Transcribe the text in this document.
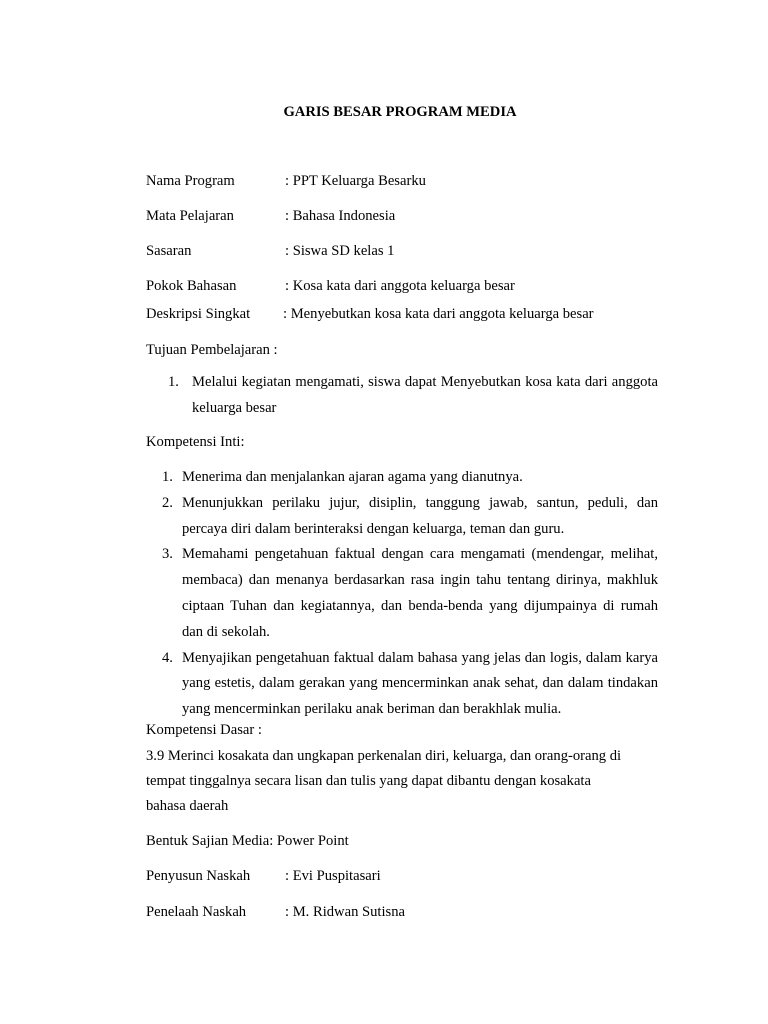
GARIS BESAR PROGRAM MEDIA
Nama Program	: PPT Keluarga Besarku
Mata Pelajaran	: Bahasa Indonesia
Sasaran	: Siswa SD kelas 1
Pokok Bahasan	: Kosa kata dari anggota keluarga besar
Deskripsi Singkat : Menyebutkan kosa kata dari anggota keluarga besar
Tujuan Pembelajaran :
1. Melalui kegiatan mengamati, siswa dapat Menyebutkan kosa kata dari anggota keluarga besar
Kompetensi Inti:
1. Menerima dan menjalankan ajaran agama yang dianutnya.
2. Menunjukkan perilaku jujur, disiplin, tanggung jawab, santun, peduli, dan percaya diri dalam berinteraksi dengan keluarga, teman dan guru.
3. Memahami pengetahuan faktual dengan cara mengamati (mendengar, melihat, membaca) dan menanya berdasarkan rasa ingin tahu tentang dirinya, makhluk ciptaan Tuhan dan kegiatannya, dan benda-benda yang dijumpainya di rumah dan di sekolah.
4. Menyajikan pengetahuan faktual dalam bahasa yang jelas dan logis, dalam karya yang estetis, dalam gerakan yang mencerminkan anak sehat, dan dalam tindakan yang mencerminkan perilaku anak beriman dan berakhlak mulia.
Kompetensi Dasar :
3.9 Merinci kosakata dan ungkapan perkenalan diri, keluarga, dan orang-orang di
tempat tinggalnya secara lisan dan tulis yang dapat dibantu dengan kosakata
bahasa daerah
Bentuk Sajian Media: Power Point
Penyusun Naskah : Evi Puspitasari
Penelaah Naskah	: M. Ridwan Sutisna
